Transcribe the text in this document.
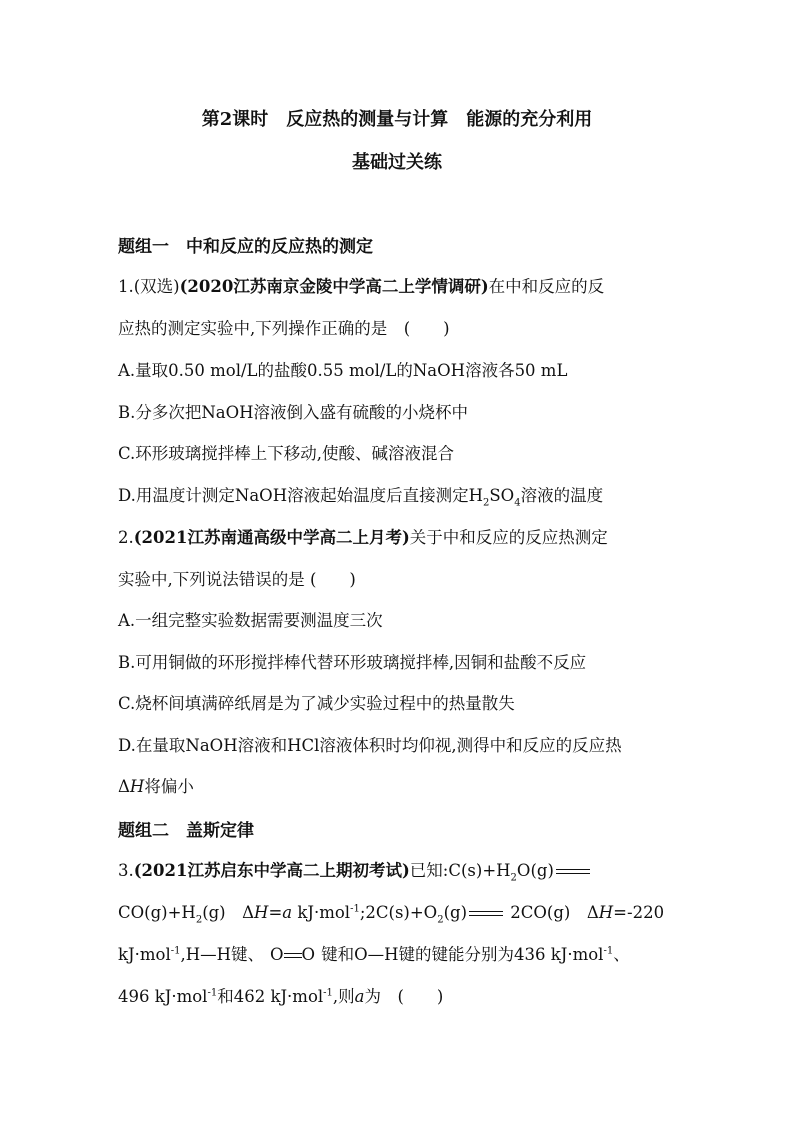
第2课时　反应热的测量与计算　能源的充分利用
基础过关练
题组一　中和反应的反应热的测定
1.(双选)(2020江苏南京金陵中学高二上学情调研)在中和反应的反
应热的测定实验中,下列操作正确的是　(　　)
A.量取0.50 mol/L的盐酸0.55 mol/L的NaOH溶液各50 mL
B.分多次把NaOH溶液倒入盛有硫酸的小烧杯中
C.环形玻璃搅拌棒上下移动,使酸、碱溶液混合
D.用温度计测定NaOH溶液起始温度后直接测定$H_2SO_4$溶液的温度
2.(2021江苏南通高级中学高二上月考)关于中和反应的反应热测定
实验中,下列说法错误的是 (　　)
A.一组完整实验数据需要测温度三次
B.可用铜做的环形搅拌棒代替环形玻璃搅拌棒,因铜和盐酸不反应
C.烧杯间填满碎纸屑是为了减少实验过程中的热量散失
D.在量取NaOH溶液和HCl溶液体积时均仰视,测得中和反应的反应热
ΔH将偏小
题组二　盖斯定律
3.(2021江苏启东中学高二上期初考试)已知$:C(s)+H_2O(g)$
$CO(g)+H_2(g)$　ΔH=a $kJ\cdot mol^{-1};2C(s)+O_2(g)$ 2CO(g)　ΔH=-220
kJ·mol$^{-1}$,H—H键、 O O 键和O—H键的键能分别为436 kJ·mol$^{-1}$、
496 kJ·mol$^{-1}$和462 kJ·mol$^{-1}$,则a为　(　　)
